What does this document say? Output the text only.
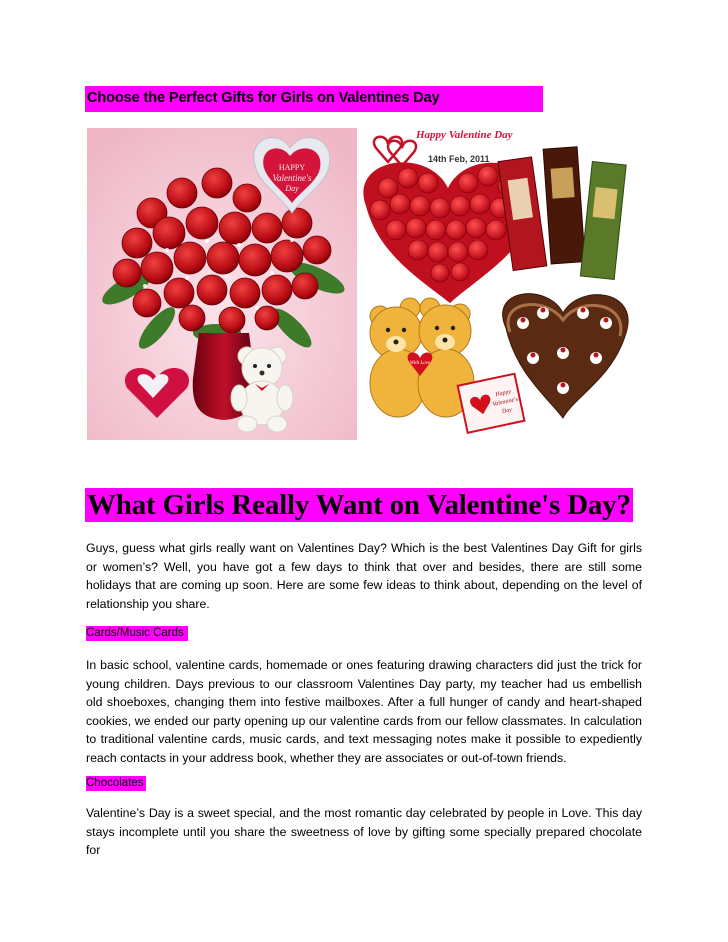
Choose the Perfect Gifts for Girls on Valentines Day
HAPPY
Valentine's
Day
Happy Valentine Day
14th Feb, 2011
With Love
Happy
Valentine's
Day
What Girls Really Want on Valentine's Day?

Guys, guess what girls really want on Valentines Day? Which is the best Valentines Day Gift for girls or women’s? Well, you have got a few days to think that over and besides, there are still some holidays that are coming up soon. Here are some few ideas to think about, depending on the level of relationship you share.

Cards/Music Cards

In basic school, valentine cards, homemade or ones featuring drawing characters did just the trick for young children. Days previous to our classroom Valentines Day party, my teacher had us embellish old shoeboxes, changing them into festive mailboxes. After a full hunger of candy and heart-shaped cookies, we ended our party opening up our valentine cards from our fellow classmates. In calculation to traditional valentine cards, music cards, and text messaging notes make it possible to expediently reach contacts in your address book, whether they are associates or out-of-town friends.

Chocolates

Valentine’s Day is a sweet special, and the most romantic day celebrated by people in Love. This day stays incomplete until you share the sweetness of love by gifting some specially prepared chocolate for
